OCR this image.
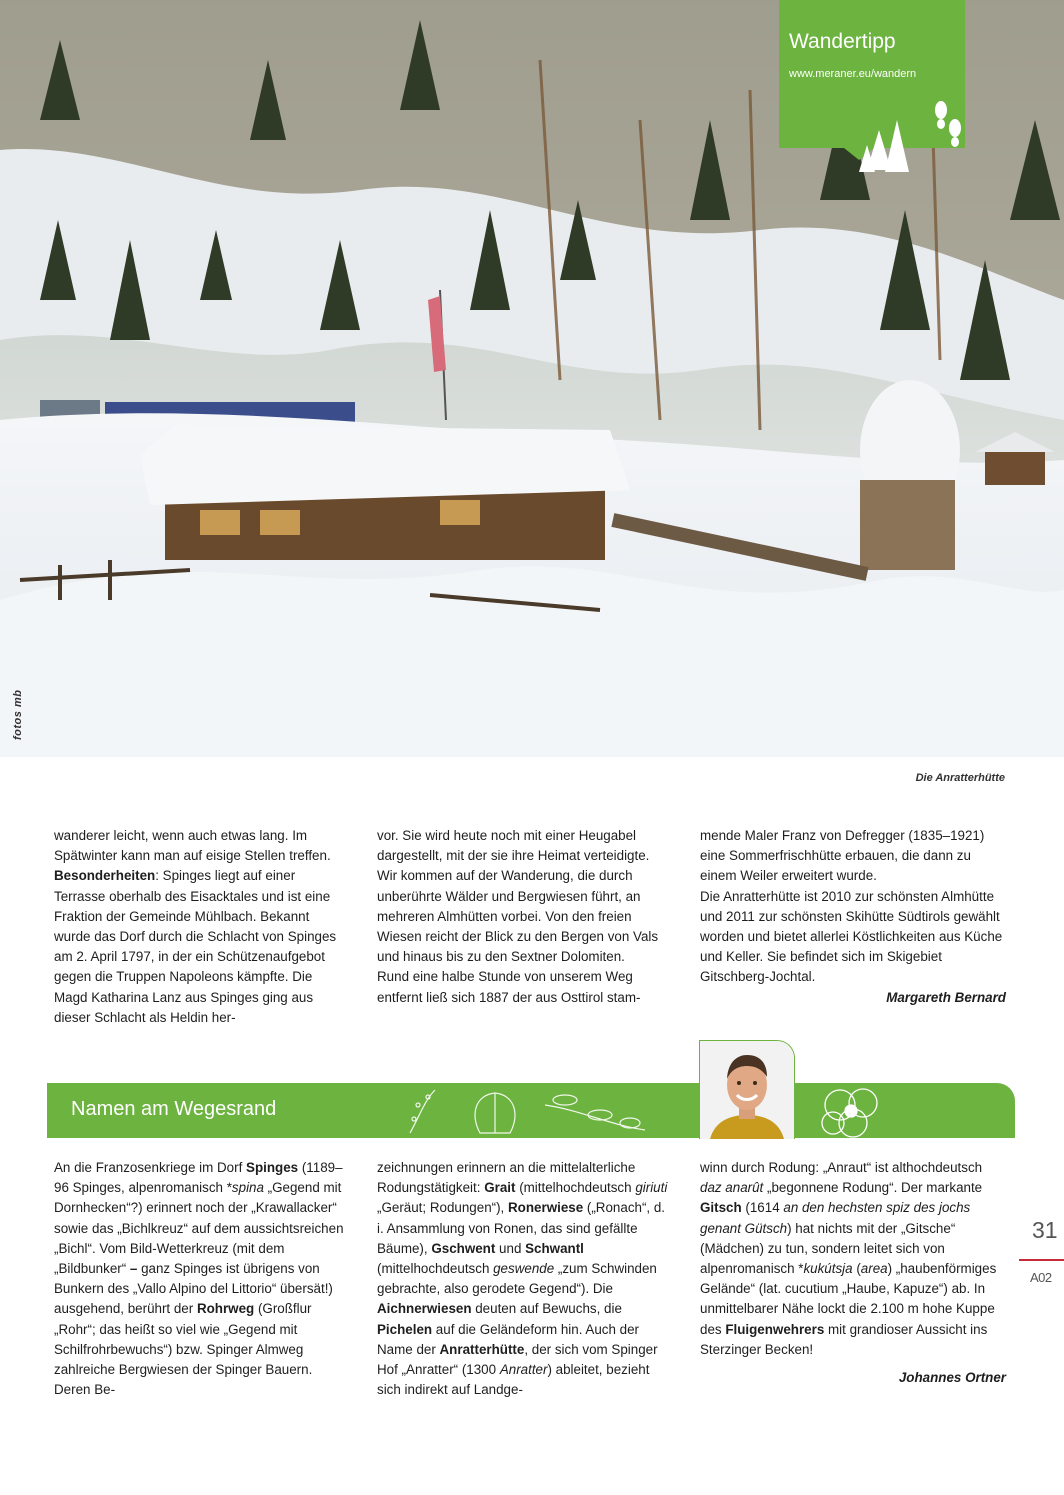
fotos mb
Wandertipp
www.meraner.eu/wandern
Die Anratterhütte

wanderer leicht, wenn auch etwas lang. Im Spätwinter kann man auf eisige Stellen treffen.

Besonderheiten: Spinges liegt auf einer Terrasse oberhalb des Eisacktales und ist eine Fraktion der Gemeinde Mühlbach. Bekannt wurde das Dorf durch die Schlacht von Spinges am 2. April 1797, in der ein Schützenaufgebot gegen die Truppen Napoleons kämpfte. Die Magd Katharina Lanz aus Spinges ging aus dieser Schlacht als Heldin her-

vor. Sie wird heute noch mit einer Heugabel dargestellt, mit der sie ihre Heimat verteidigte.

Wir kommen auf der Wanderung, die durch unberührte Wälder und Bergwiesen führt, an mehreren Almhütten vorbei. Von den freien Wiesen reicht der Blick zu den Bergen von Vals und hinaus bis zu den Sextner Dolomiten.

Rund eine halbe Stunde von unserem Weg entfernt ließ sich 1887 der aus Osttirol stam-

mende Maler Franz von Defregger (1835–1921) eine Sommerfrischhütte erbauen, die dann zu einem Weiler erweitert wurde.

Die Anratterhütte ist 2010 zur schönsten Almhütte und 2011 zur schönsten Skihütte Südtirols gewählt worden und bietet allerlei Köstlichkeiten aus Küche und Keller. Sie befindet sich im Skigebiet Gitschberg-Jochtal.

Margareth Bernard

Namen am Wegesrand

An die Franzosenkriege im Dorf Spinges (1189–96 Spinges, alpenromanisch *spina „Gegend mit Dornhecken“?) erinnert noch der „Krawallacker“ sowie das „Bichlkreuz“ auf dem aussichtsreichen „Bichl“. Vom Bild-Wetterkreuz (mit dem „Bildbunker“ – ganz Spinges ist übrigens von Bunkern des „Vallo Alpino del Littorio“ übersät!) ausgehend, berührt der Rohrweg (Großflur „Rohr“; das heißt so viel wie „Gegend mit Schilfrohrbewuchs“) bzw. Spinger Almweg zahlreiche Bergwiesen der Spinger Bauern. Deren Be-

zeichnungen erinnern an die mittelalterliche Rodungstätigkeit: Grait (mittelhochdeutsch giriuti „Geräut; Rodungen“), Ronerwiese („Ronach“, d. i. Ansammlung von Ronen, das sind gefällte Bäume), Gschwent und Schwantl (mittelhochdeutsch geswende „zum Schwinden gebrachte, also gerodete Gegend“). Die Aichnerwiesen deuten auf Bewuchs, die Pichelen auf die Geländeform hin. Auch der Name der Anratterhütte, der sich vom Spinger Hof „Anratter“ (1300 Anratter) ableitet, bezieht sich indirekt auf Landge-

winn durch Rodung: „Anraut“ ist althochdeutsch daz anarût „begonnene Rodung“. Der markante Gitsch (1614 an den hechsten spiz des jochs genant Gütsch) hat nichts mit der „Gitsche“ (Mädchen) zu tun, sondern leitet sich von alpenromanisch *kukútsja (area) „haubenförmiges Gelände“ (lat. cucutium „Haube, Kapuze“) ab. In unmittelbarer Nähe lockt die 2.100 m hohe Kuppe des Fluigenwehrers mit grandioser Aussicht ins Sterzinger Becken!

Johannes Ortner

31
A02
